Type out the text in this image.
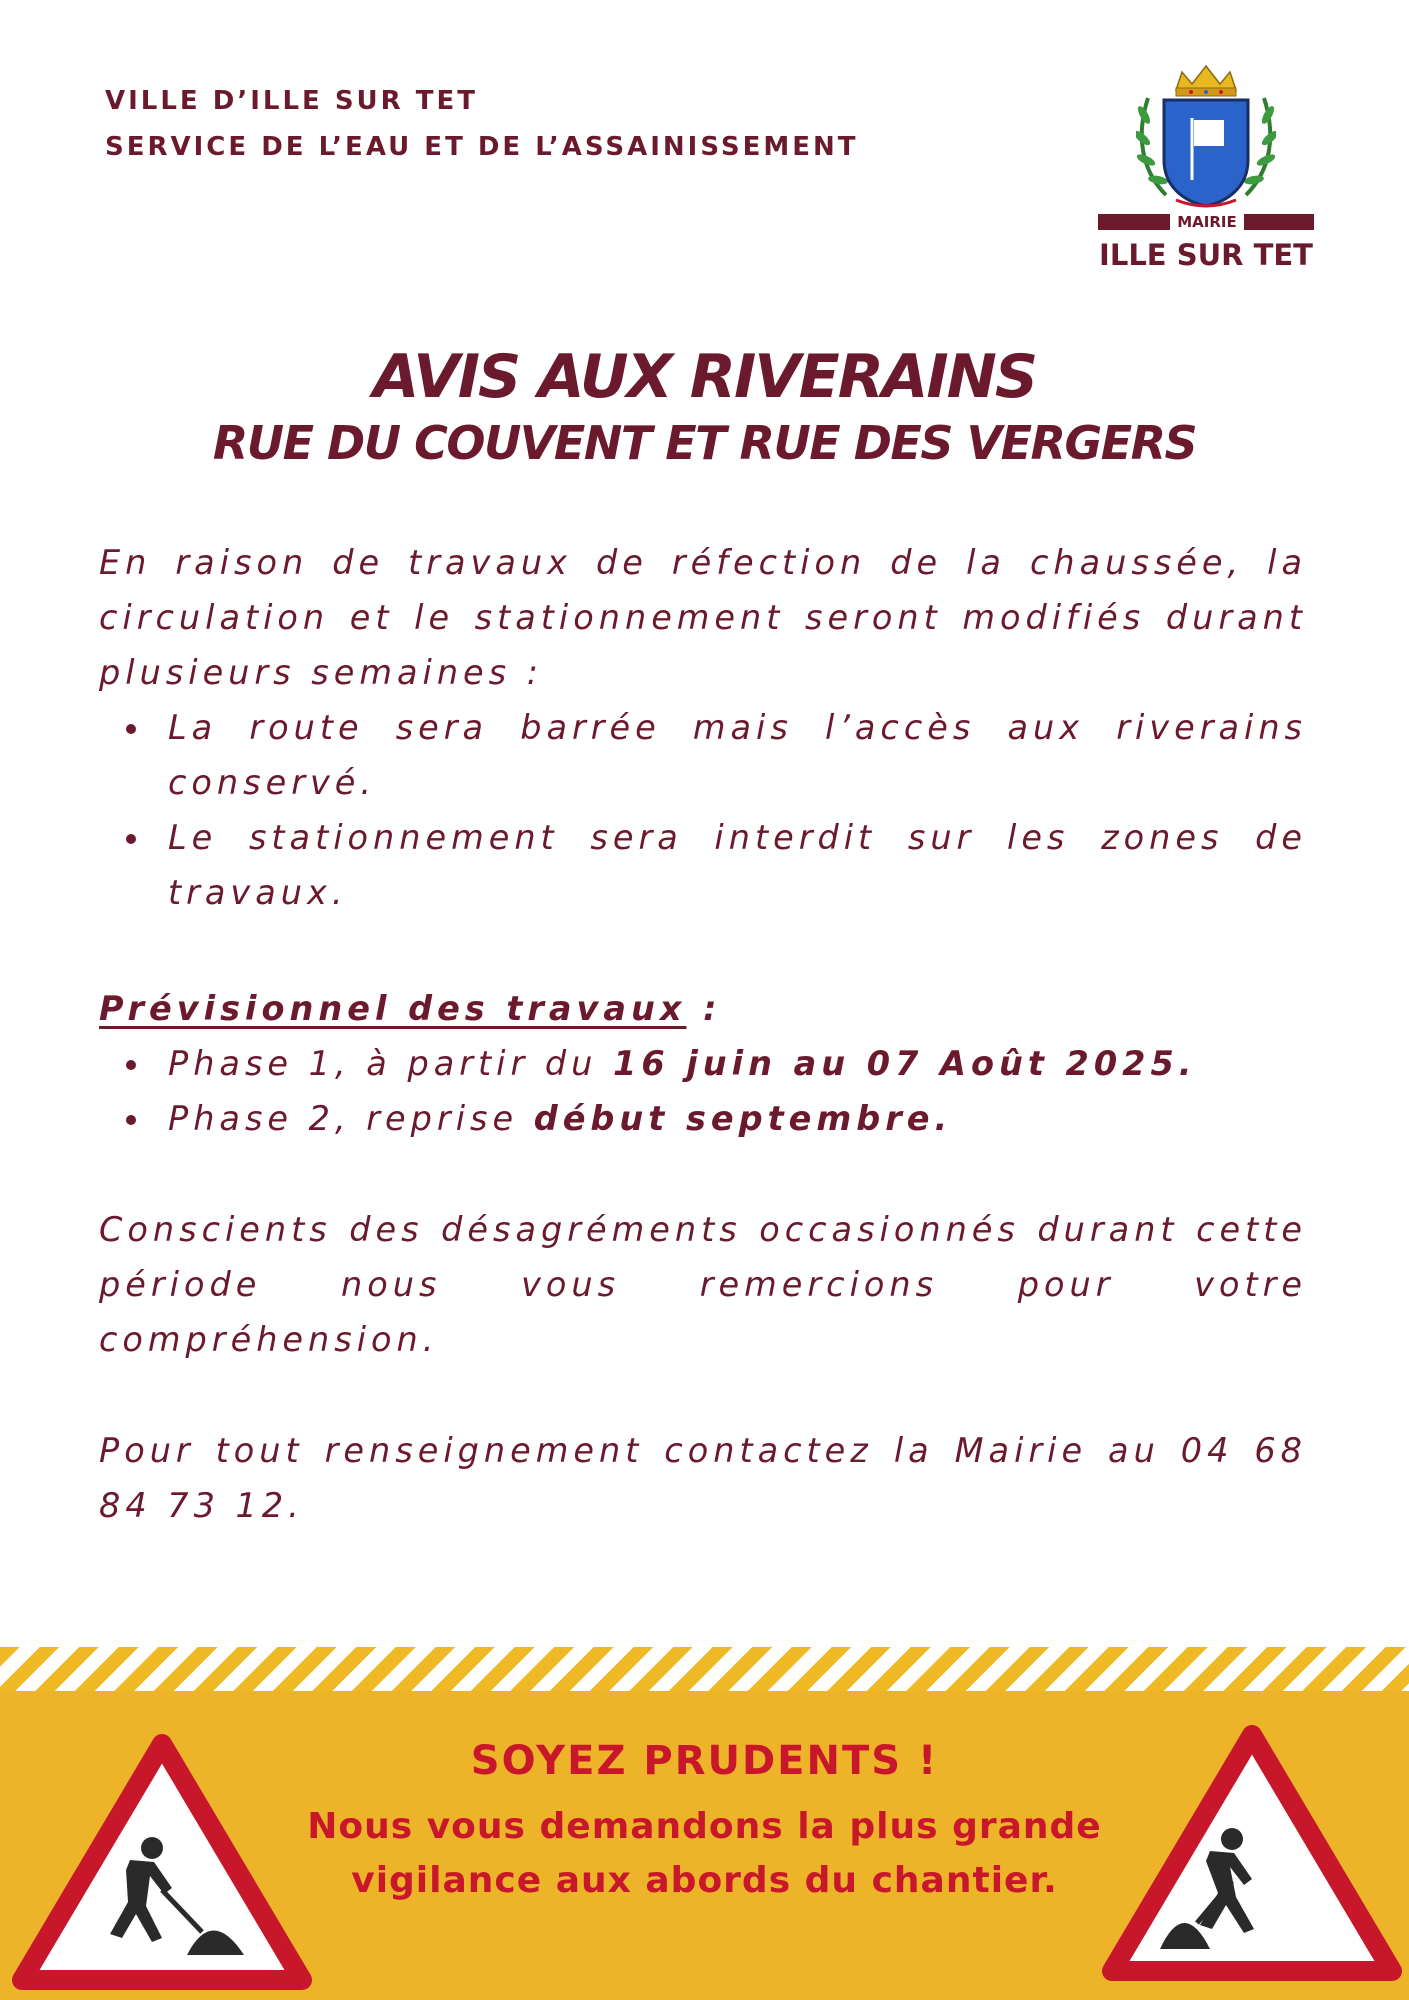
VILLE D’ILLE SUR TET
SERVICE DE L’EAU ET DE L’ASSAINISSEMENT
MAIRIE
ILLE SUR TET
AVIS AUX RIVERAINS
RUE DU COUVENT ET RUE DES VERGERS
En raison de travaux de réfection de la chaussée, la circulation et le stationnement seront modifiés durant plusieurs semaines :
La route sera barrée mais l’accès aux riverains conservé.
Le stationnement sera interdit sur les zones de travaux.
Prévisionnel des travaux :
Phase 1, à partir du 16 juin au 07 Août 2025.
Phase 2, reprise début septembre.
Conscients des désagréments occasionnés durant cette période nous vous remercions pour votre compréhension.
Pour tout renseignement contactez la Mairie au 04 68 84 73 12.
SOYEZ PRUDENTS !
Nous vous demandons la plus grande
vigilance aux abords du chantier.
